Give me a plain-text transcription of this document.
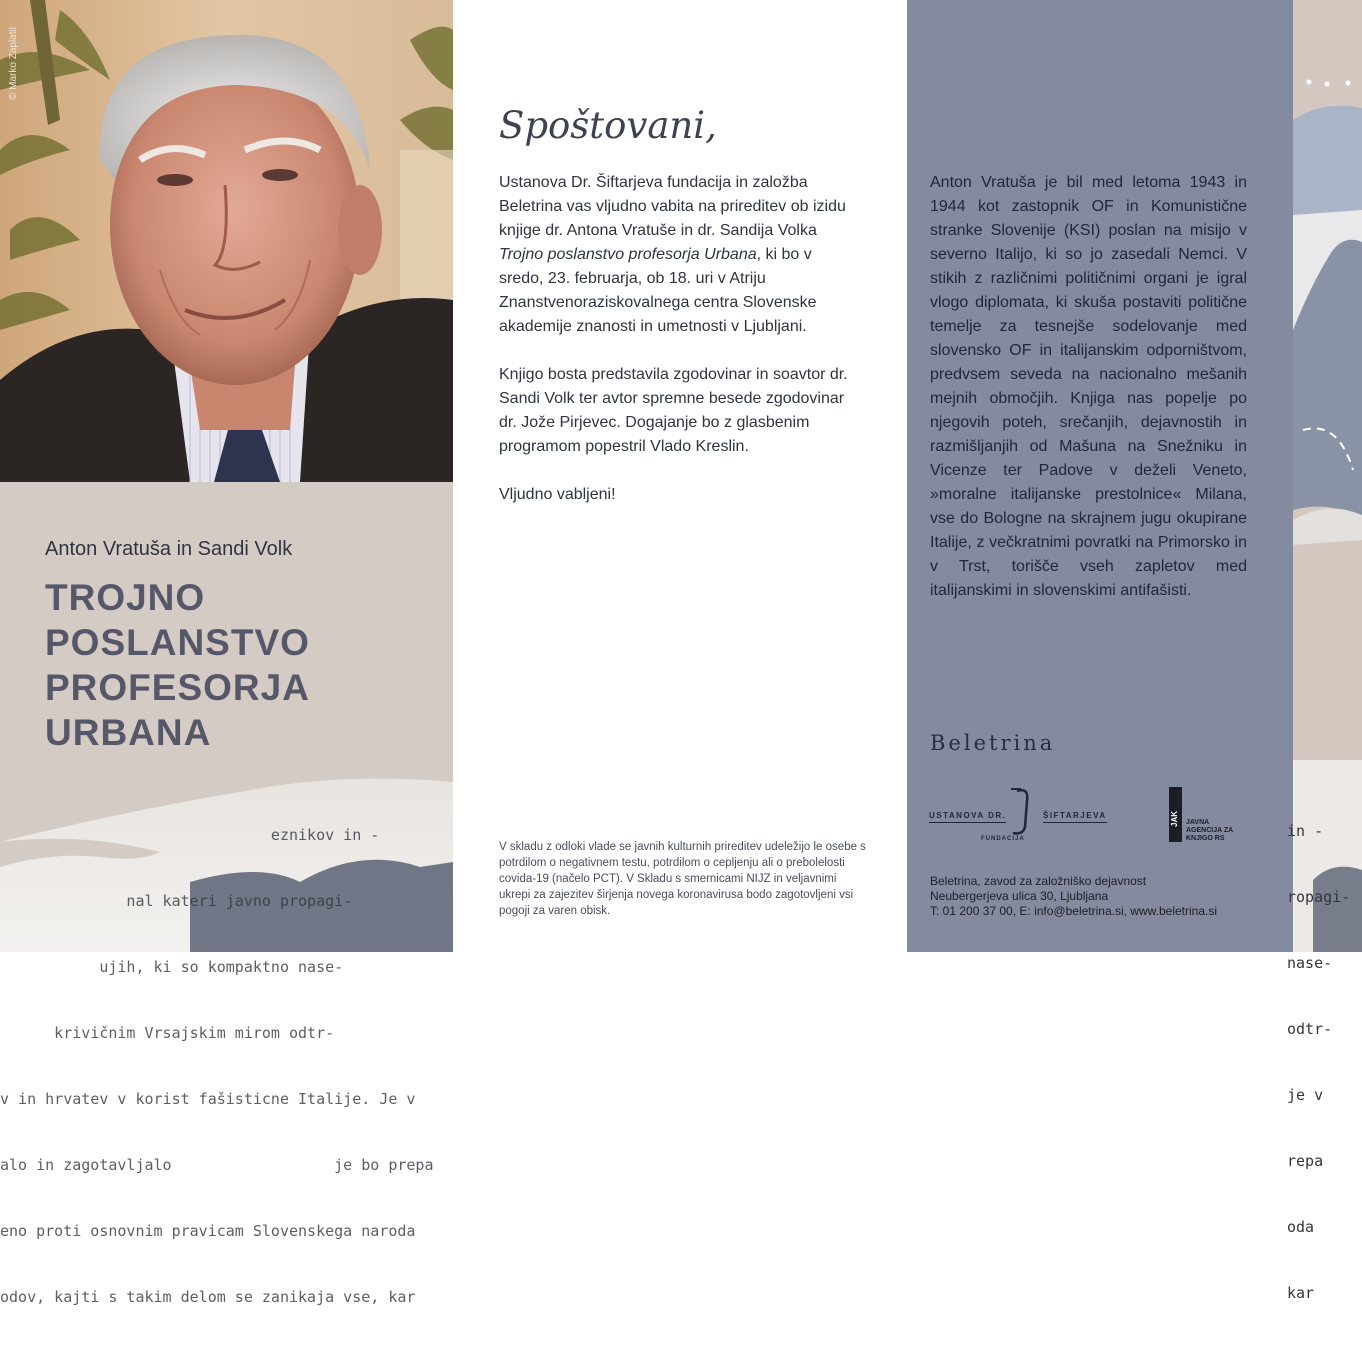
© Marko Zaplatil
Anton Vratuša in Sandi Volk
TROJNO
POSLANSTVO
PROFESORJA
URBANA

eznikov in -

nal kateri javno propagi-

ujih, ki so kompaktno nase-

krivičnim Vrsajskim mirom odtr-

v in hrvatev v korist fašisticne Italije. Je v

alo in zagotavljalo                  je bo prepa

eno proti osnovnim pravicam Slovenskega naroda

odov, kajti s takim delom se zanikaja vse, kar

Spoštovani,

Ustanova Dr. Šiftarjeva fundacija in založba Beletrina vas vljudno vabita na prireditev ob izidu knjige dr. Antona Vratuše in dr. Sandija Volka Trojno poslanstvo profesorja Urbana, ki bo v sredo, 23. februarja, ob 18. uri v Atriju Znanstvenoraziskovalnega centra Slovenske akademije znanosti in umetnosti v Ljubljani.

Knjigo bosta predstavila zgodovinar in soavtor dr. Sandi Volk ter avtor spremne besede zgodovinar dr. Jože Pirjevec. Dogajanje bo z glasbenim programom popestril Vlado Kreslin.

Vljudno vabljeni!

V skladu z odloki vlade se javnih kulturnih prireditev udeležijo le osebe s potrdilom o negativnem testu, potrdilom o cepljenju ali o prebolelosti covida-19 (načelo PCT). V Skladu s smernicami NIJZ in veljavnimi ukrepi za zajezitev širjenja novega koronavirusa bodo zagotovljeni vsi pogoji za varen obisk.

Anton Vratuša je bil med letoma 1943 in 1944 kot zastopnik OF in Komunistične stranke Slovenije (KSI) poslan na misijo v severno Italijo, ki so jo zasedali Nemci. V stikih z različnimi političnimi organi je igral vlogo diplomata, ki skuša postaviti politične temelje za tesnejše sodelovanje med slovensko OF in italijanskim odporništvom, predvsem seveda na nacionalno mešanih mejnih območjih. Knjiga nas popelje po njegovih poteh, srečanjih, dejavnostih in razmišljanjih od Mašuna na Snežniku in Vicenze ter Padove v deželi Veneto, »moralne italijanske prestolnice« Milana, vse do Bologne na skrajnem jugu okupirane Italije, z večkratnimi povratki na Primorsko in v Trst, torišče vseh zapletov med italijanskimi in slovenskimi antifašisti.

Beletrina
USTANOVA DR.	ŠIFTARJEVA
FUNDACIJA
JAK JAVNA
AGENCIJA ZA
KNJIGO RS
Beletrina, zavod za založniško dejavnost
Neubergerjeva ulica 30, Ljubljana
T: 01 200 37 00, E: info@beletrina.si, www.beletrina.si

in -

ropagi-

nase-

odtr-

je v

repa

oda

kar
